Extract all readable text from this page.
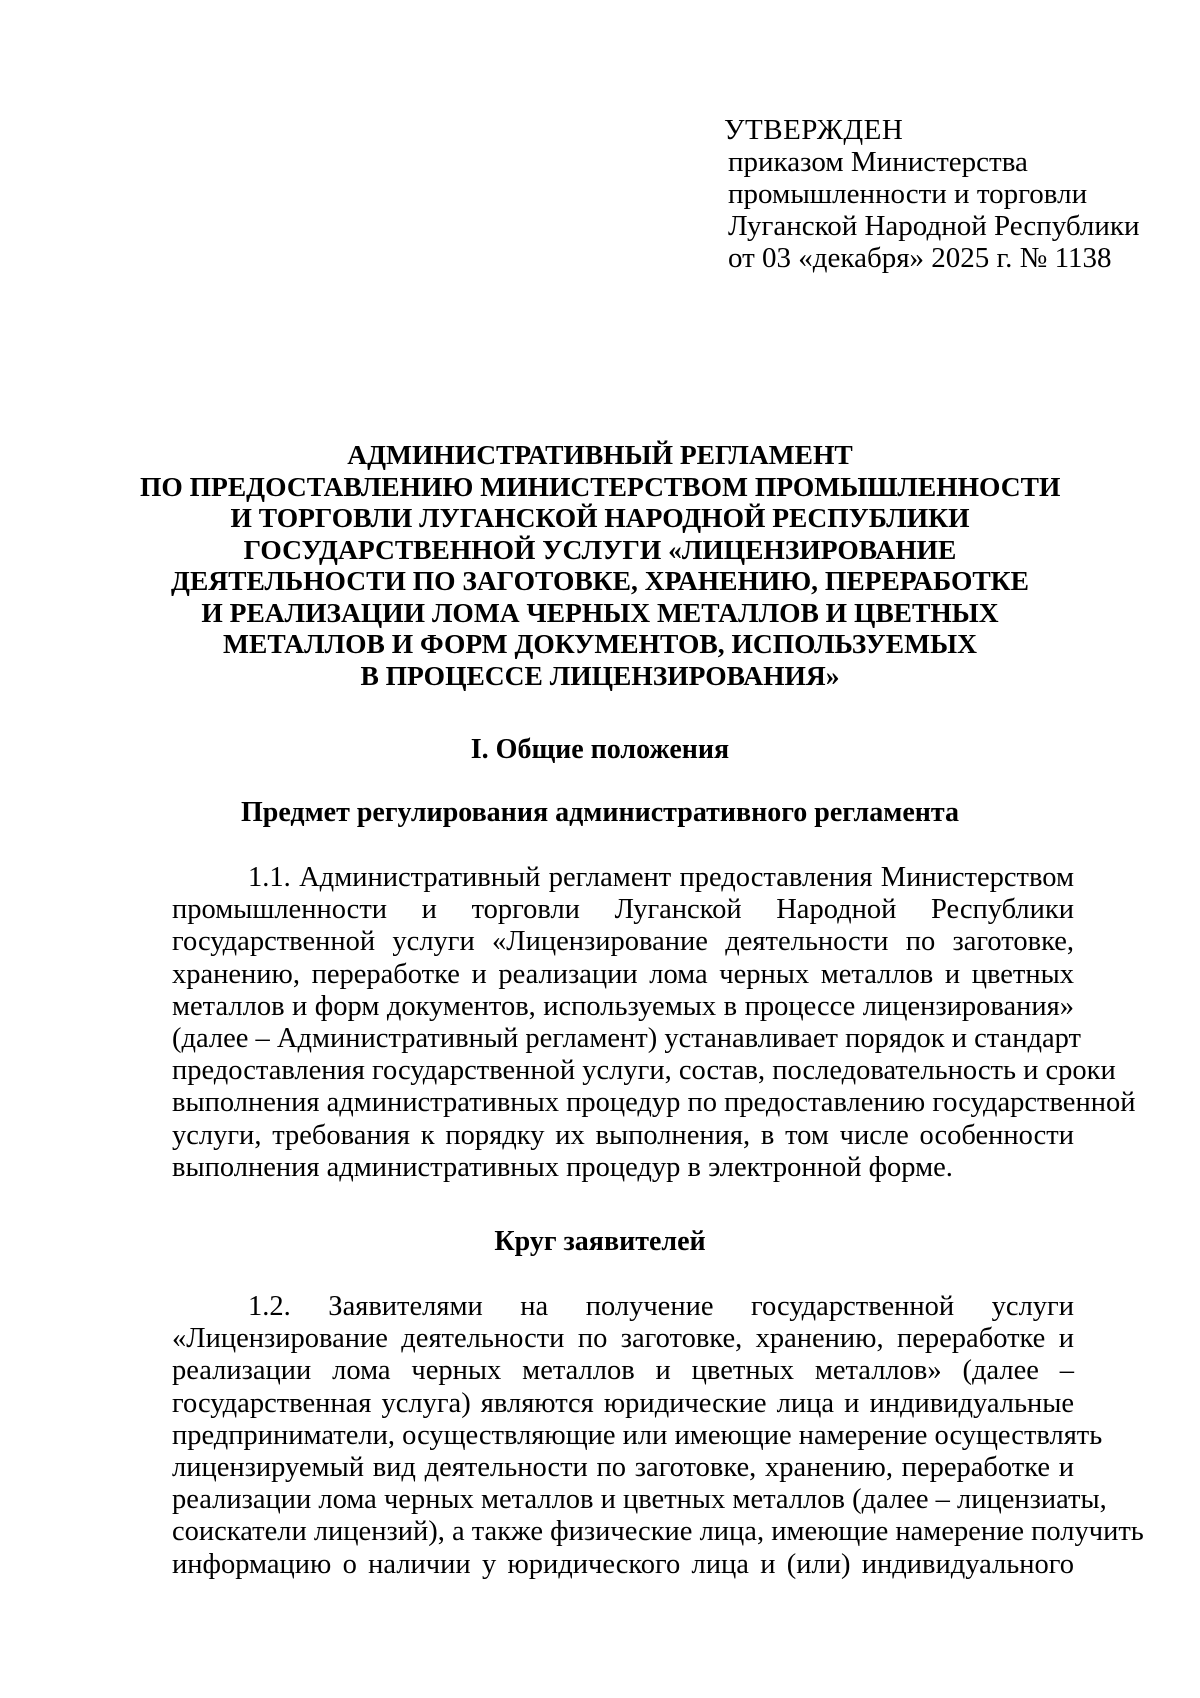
УТВЕРЖДЕН
приказом Министерства
промышленности и торговли
Луганской Народной Республики
от 03 «декабря» 2025 г. № 1138
АДМИНИСТРАТИВНЫЙ РЕГЛАМЕНТ
ПО ПРЕДОСТАВЛЕНИЮ МИНИСТЕРСТВОМ ПРОМЫШЛЕННОСТИ
И ТОРГОВЛИ ЛУГАНСКОЙ НАРОДНОЙ РЕСПУБЛИКИ
ГОСУДАРСТВЕННОЙ УСЛУГИ «ЛИЦЕНЗИРОВАНИЕ
ДЕЯТЕЛЬНОСТИ ПО ЗАГОТОВКЕ, ХРАНЕНИЮ, ПЕРЕРАБОТКЕ
И РЕАЛИЗАЦИИ ЛОМА ЧЕРНЫХ МЕТАЛЛОВ И ЦВЕТНЫХ
МЕТАЛЛОВ И ФОРМ ДОКУМЕНТОВ, ИСПОЛЬЗУЕМЫХ
В ПРОЦЕССЕ ЛИЦЕНЗИРОВАНИЯ»
I. Общие положения
Предмет регулирования административного регламента
1.1. Административный регламент предоставления Министерством
промышленности и торговли Луганской Народной Республики
государственной услуги «Лицензирование деятельности по заготовке,
хранению, переработке и реализации лома черных металлов и цветных
металлов и форм документов, используемых в процессе лицензирования»
(далее – Административный регламент) устанавливает порядок и стандарт
предоставления государственной услуги, состав, последовательность и сроки
выполнения административных процедур по предоставлению государственной
услуги, требования к порядку их выполнения, в том числе особенности
выполнения административных процедур в электронной форме.
Круг заявителей
1.2. Заявителями на получение государственной услуги
«Лицензирование деятельности по заготовке, хранению, переработке и
реализации лома черных металлов и цветных металлов» (далее –
государственная услуга) являются юридические лица и индивидуальные
предприниматели, осуществляющие или имеющие намерение осуществлять
лицензируемый вид деятельности по заготовке, хранению, переработке и
реализации лома черных металлов и цветных металлов (далее – лицензиаты,
соискатели лицензий), а также физические лица, имеющие намерение получить
информацию о наличии у юридического лица и (или) индивидуального
